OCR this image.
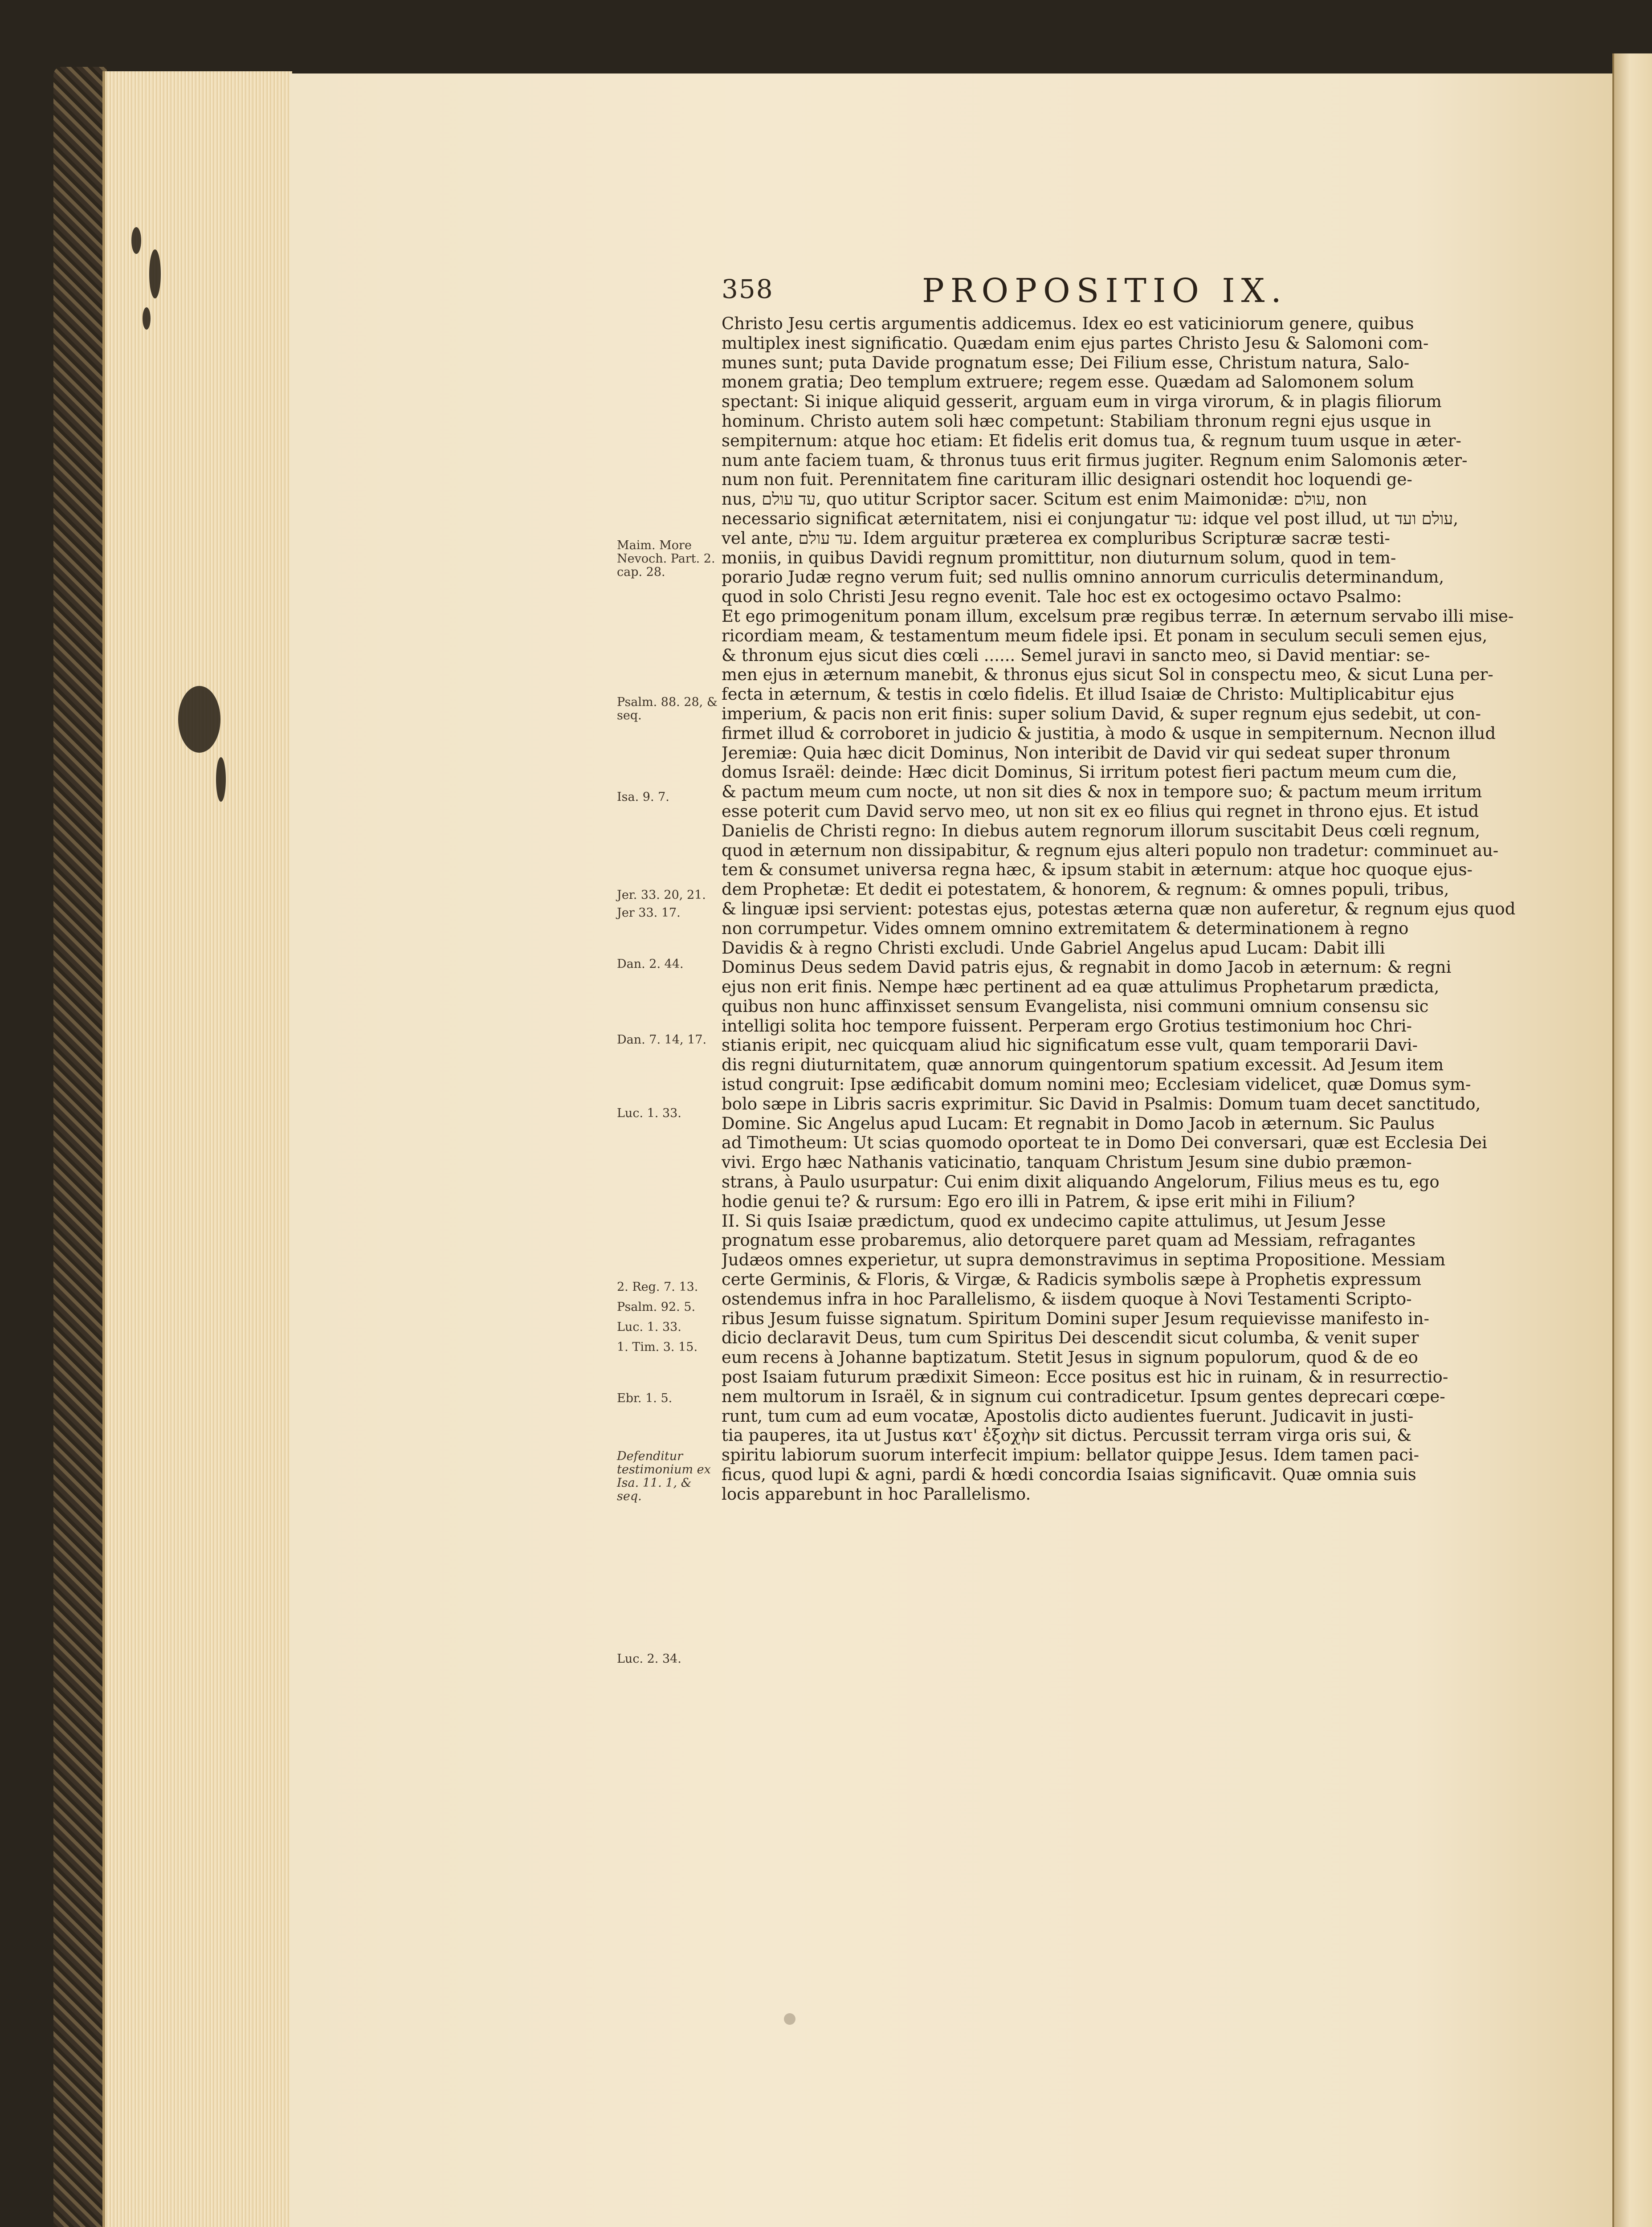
358	PROPOSITIO IX.
Maim. More Nevoch. Part. 2. cap. 28.
Psalm. 88. 28, & seq.
Isa. 9. 7.
Jer 33. 17.
Jer. 33. 20, 21.
Dan. 2. 44.
Dan. 7. 14, 17.
Luc. 1. 33.
2. Reg. 7. 13.
Psalm. 92. 5.
Luc. 1. 33.
1. Tim. 3. 15.
Ebr. 1. 5.
Defenditur testimonium ex Isa. 11. 1, & seq.
Luc. 2. 34.
Christo Jesu certis argumentis addicemus. Idex eo est vaticiniorum genere, quibus
multiplex inest significatio. Quædam enim ejus partes Christo Jesu & Salomoni com-
munes sunt; puta Davide prognatum esse; Dei Filium esse, Christum natura, Salo-
monem gratia; Deo templum extruere; regem esse. Quædam ad Salomonem solum
spectant: Si inique aliquid gesserit, arguam eum in virga virorum, & in plagis filiorum
hominum. Christo autem soli hæc competunt: Stabiliam thronum regni ejus usque in
sempiternum: atque hoc etiam: Et fidelis erit domus tua, & regnum tuum usque in æter-
num ante faciem tuam, & thronus tuus erit firmus jugiter. Regnum enim Salomonis æter-
num non fuit. Perennitatem fine carituram illic designari ostendit hoc loquendi ge-
nus, עד עולם, quo utitur Scriptor sacer. Scitum est enim Maimonidæ: עולם, non
necessario significat æternitatem, nisi ei conjungatur עד: idque vel post illud, ut עולם ועד,
vel ante, עד עולם. Idem arguitur præterea ex compluribus Scripturæ sacræ testi-
moniis, in quibus Davidi regnum promittitur, non diuturnum solum, quod in tem-
porario Judæ regno verum fuit; sed nullis omnino annorum curriculis determinandum,
quod in solo Christi Jesu regno evenit. Tale hoc est ex octogesimo octavo Psalmo:
Et ego primogenitum ponam illum, excelsum præ regibus terræ. In æternum servabo illi mise-
ricordiam meam, & testamentum meum fidele ipsi. Et ponam in seculum seculi semen ejus,
& thronum ejus sicut dies cœli ...... Semel juravi in sancto meo, si David mentiar: se-
men ejus in æternum manebit, & thronus ejus sicut Sol in conspectu meo, & sicut Luna per-
fecta in æternum, & testis in cœlo fidelis. Et illud Isaiæ de Christo: Multiplicabitur ejus
imperium, & pacis non erit finis: super solium David, & super regnum ejus sedebit, ut con-
firmet illud & corroboret in judicio & justitia, à modo & usque in sempiternum. Necnon illud
Jeremiæ: Quia hæc dicit Dominus, Non interibit de David vir qui sedeat super thronum
domus Israël: deinde: Hæc dicit Dominus, Si irritum potest fieri pactum meum cum die,
& pactum meum cum nocte, ut non sit dies & nox in tempore suo; & pactum meum irritum
esse poterit cum David servo meo, ut non sit ex eo filius qui regnet in throno ejus. Et istud
Danielis de Christi regno: In diebus autem regnorum illorum suscitabit Deus cœli regnum,
quod in æternum non dissipabitur, & regnum ejus alteri populo non tradetur: comminuet au-
tem & consumet universa regna hæc, & ipsum stabit in æternum: atque hoc quoque ejus-
dem Prophetæ: Et dedit ei potestatem, & honorem, & regnum: & omnes populi, tribus,
& linguæ ipsi servient: potestas ejus, potestas æterna quæ non auferetur, & regnum ejus quod
non corrumpetur. Vides omnem omnino extremitatem & determinationem à regno
Davidis & à regno Christi excludi. Unde Gabriel Angelus apud Lucam: Dabit illi
Dominus Deus sedem David patris ejus, & regnabit in domo Jacob in æternum: & regni
ejus non erit finis. Nempe hæc pertinent ad ea quæ attulimus Prophetarum prædicta,
quibus non hunc affinxisset sensum Evangelista, nisi communi omnium consensu sic
intelligi solita hoc tempore fuissent. Perperam ergo Grotius testimonium hoc Chri-
stianis eripit, nec quicquam aliud hic significatum esse vult, quam temporarii Davi-
dis regni diuturnitatem, quæ annorum quingentorum spatium excessit. Ad Jesum item
istud congruit: Ipse ædificabit domum nomini meo; Ecclesiam videlicet, quæ Domus sym-
bolo sæpe in Libris sacris exprimitur. Sic David in Psalmis: Domum tuam decet sanctitudo,
Domine. Sic Angelus apud Lucam: Et regnabit in Domo Jacob in æternum. Sic Paulus
ad Timotheum: Ut scias quomodo oporteat te in Domo Dei conversari, quæ est Ecclesia Dei
vivi. Ergo hæc Nathanis vaticinatio, tanquam Christum Jesum sine dubio præmon-
strans, à Paulo usurpatur: Cui enim dixit aliquando Angelorum, Filius meus es tu, ego
hodie genui te? & rursum: Ego ero illi in Patrem, & ipse erit mihi in Filium?
II. Si quis Isaiæ prædictum, quod ex undecimo capite attulimus, ut Jesum Jesse
prognatum esse probaremus, alio detorquere paret quam ad Messiam, refragantes
Judæos omnes experietur, ut supra demonstravimus in septima Propositione. Messiam
certe Germinis, & Floris, & Virgæ, & Radicis symbolis sæpe à Prophetis expressum
ostendemus infra in hoc Parallelismo, & iisdem quoque à Novi Testamenti Scripto-
ribus Jesum fuisse signatum. Spiritum Domini super Jesum requievisse manifesto in-
dicio declaravit Deus, tum cum Spiritus Dei descendit sicut columba, & venit super
eum recens à Johanne baptizatum. Stetit Jesus in signum populorum, quod & de eo
post Isaiam futurum prædixit Simeon: Ecce positus est hic in ruinam, & in resurrectio-
nem multorum in Israël, & in signum cui contradicetur. Ipsum gentes deprecari cœpe-
runt, tum cum ad eum vocatæ, Apostolis dicto audientes fuerunt. Judicavit in justi-
tia pauperes, ita ut Justus κατ' ἐξοχὴν sit dictus. Percussit terram virga oris sui, &
spiritu labiorum suorum interfecit impium: bellator quippe Jesus. Idem tamen paci-
ficus, quod lupi & agni, pardi & hœdi concordia Isaias significavit. Quæ omnia suis
locis apparebunt in hoc Parallelismo.
